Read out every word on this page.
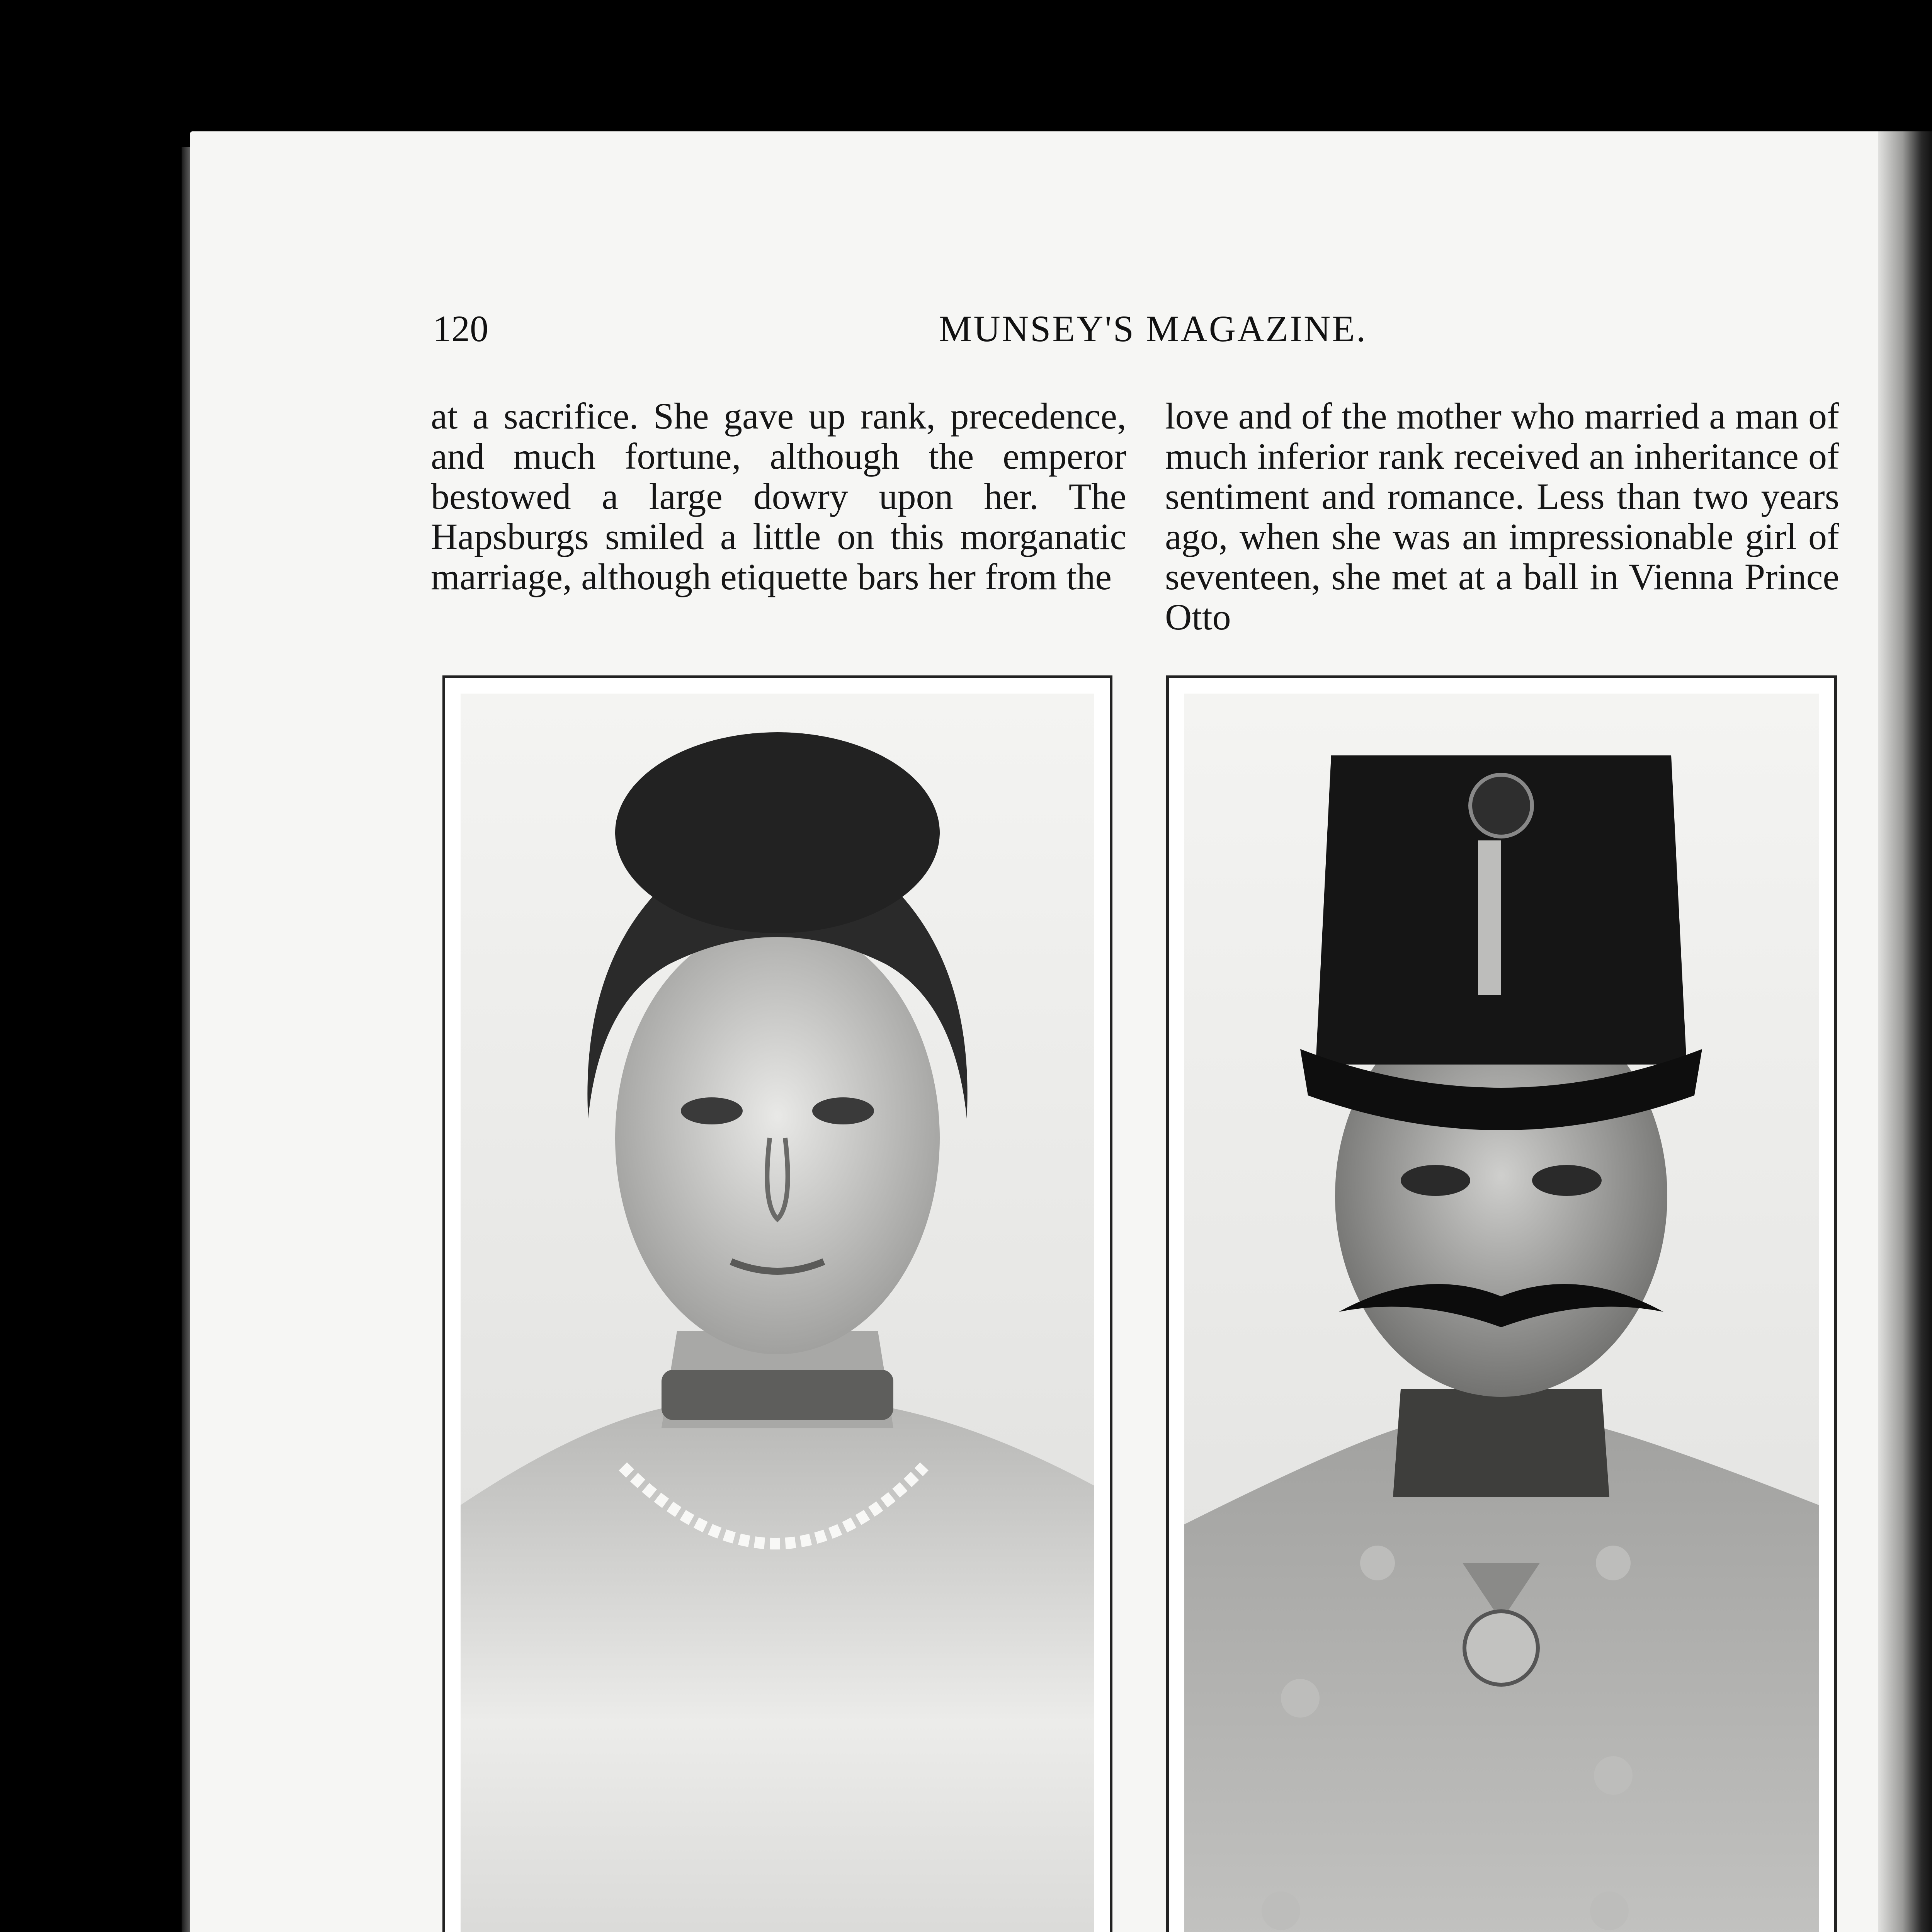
120	MUNSEY'S MAGAZINE.

at a sacrifice. She gave up rank, precedence, and much fortune, although the emperor bestowed a large dowry upon her. The Hapsburgs smiled a little on this morganatic marriage, although etiquette bars her from the

love and of the mother who married a man of much inferior rank received an inheritance of sentiment and romance. Less than two years ago, when she was an impressionable girl of seventeen, she met at a ball in Vienna Prince Otto
